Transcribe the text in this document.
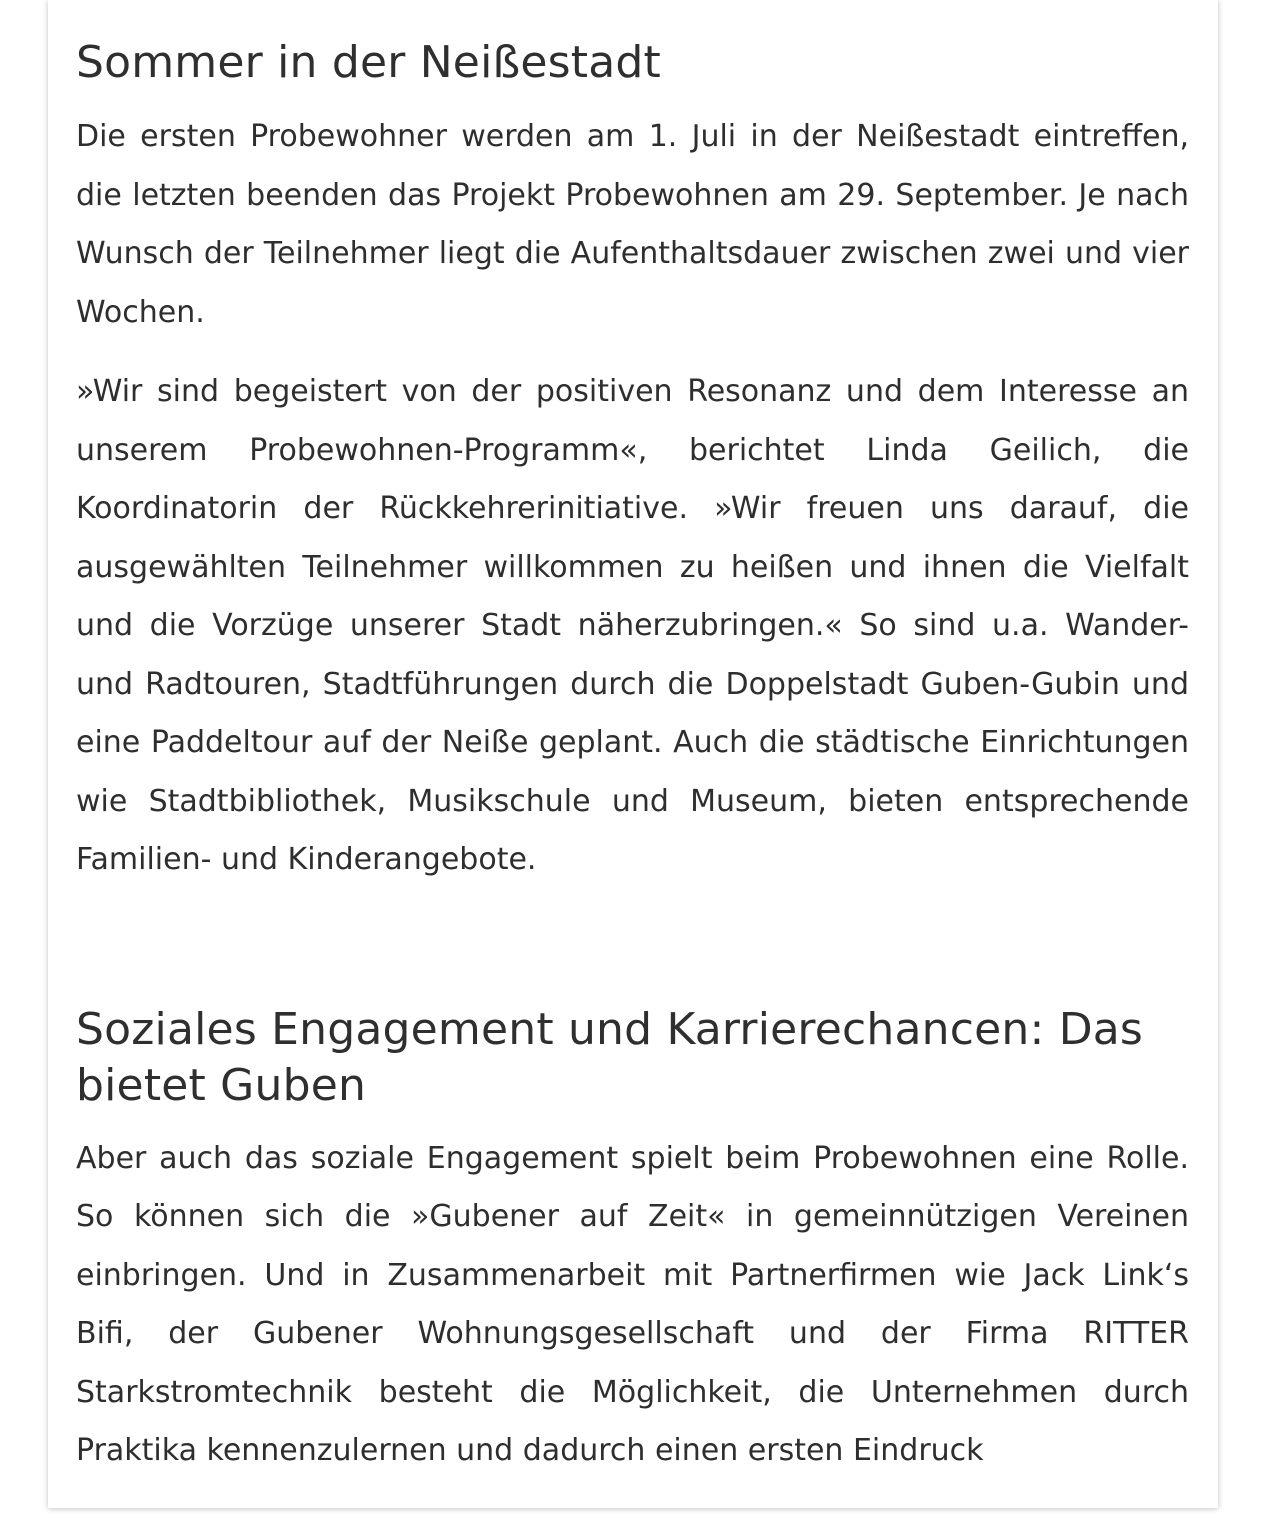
Sommer in der Neißestadt

Die ersten Probewohner werden am 1. Juli in der Neißestadt eintreffen, die letzten beenden das Projekt Probewohnen am 29. September. Je nach Wunsch der Teilnehmer liegt die Aufenthaltsdauer zwischen zwei und vier Wochen.

»Wir sind begeistert von der positiven Resonanz und dem Interesse an unserem Probewohnen-Programm«, berichtet Linda Geilich, die Koordinatorin der Rückkehrerinitiative. »Wir freuen uns darauf, die ausgewählten Teilnehmer willkommen zu heißen und ihnen die Vielfalt und die Vorzüge unserer Stadt näherzubringen.« So sind u.a. Wander- und Radtouren, Stadtführungen durch die Doppelstadt Guben-Gubin und eine Paddeltour auf der Neiße geplant. Auch die städtische Einrichtungen wie Stadtbibliothek, Musikschule und Museum, bieten entsprechende Familien- und Kinderangebote.

Soziales Engagement und Karrierechancen: Das bietet Guben

Aber auch das soziale Engagement spielt beim Probewohnen eine Rolle. So können sich die »Gubener auf Zeit« in gemeinnützigen Vereinen einbringen. Und in Zusammenarbeit mit Partnerfirmen wie Jack Link‘s Bifi, der Gubener Wohnungsgesellschaft und der Firma RITTER Starkstromtechnik besteht die Möglichkeit, die Unternehmen durch Praktika kennenzulernen und dadurch einen ersten Eindruck
